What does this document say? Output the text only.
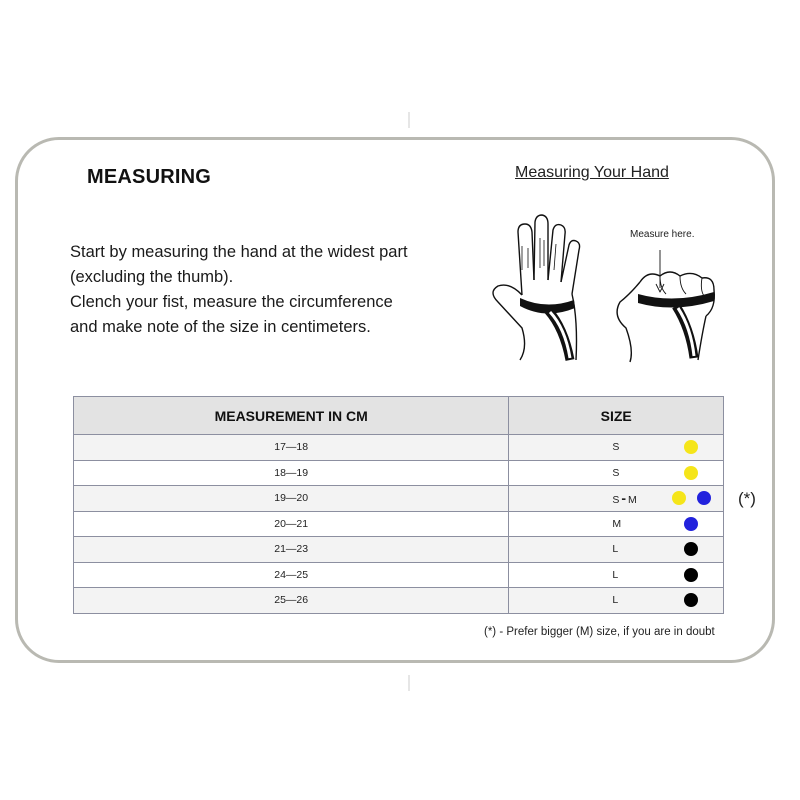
MEASURING
Start by measuring the hand at the widest part
(excluding the thumb).
Clench your fist, measure the circumference
and make note of the size in centimeters.
Measuring Your Hand
Measure here.
MEASUREMENT IN CM	SIZE
17—18	S

18—19	S

19—20	S - M

20—21	M

21—23	L

24—25	L

25—26	L
(*)
(*) - Prefer bigger (M) size, if you are in doubt
